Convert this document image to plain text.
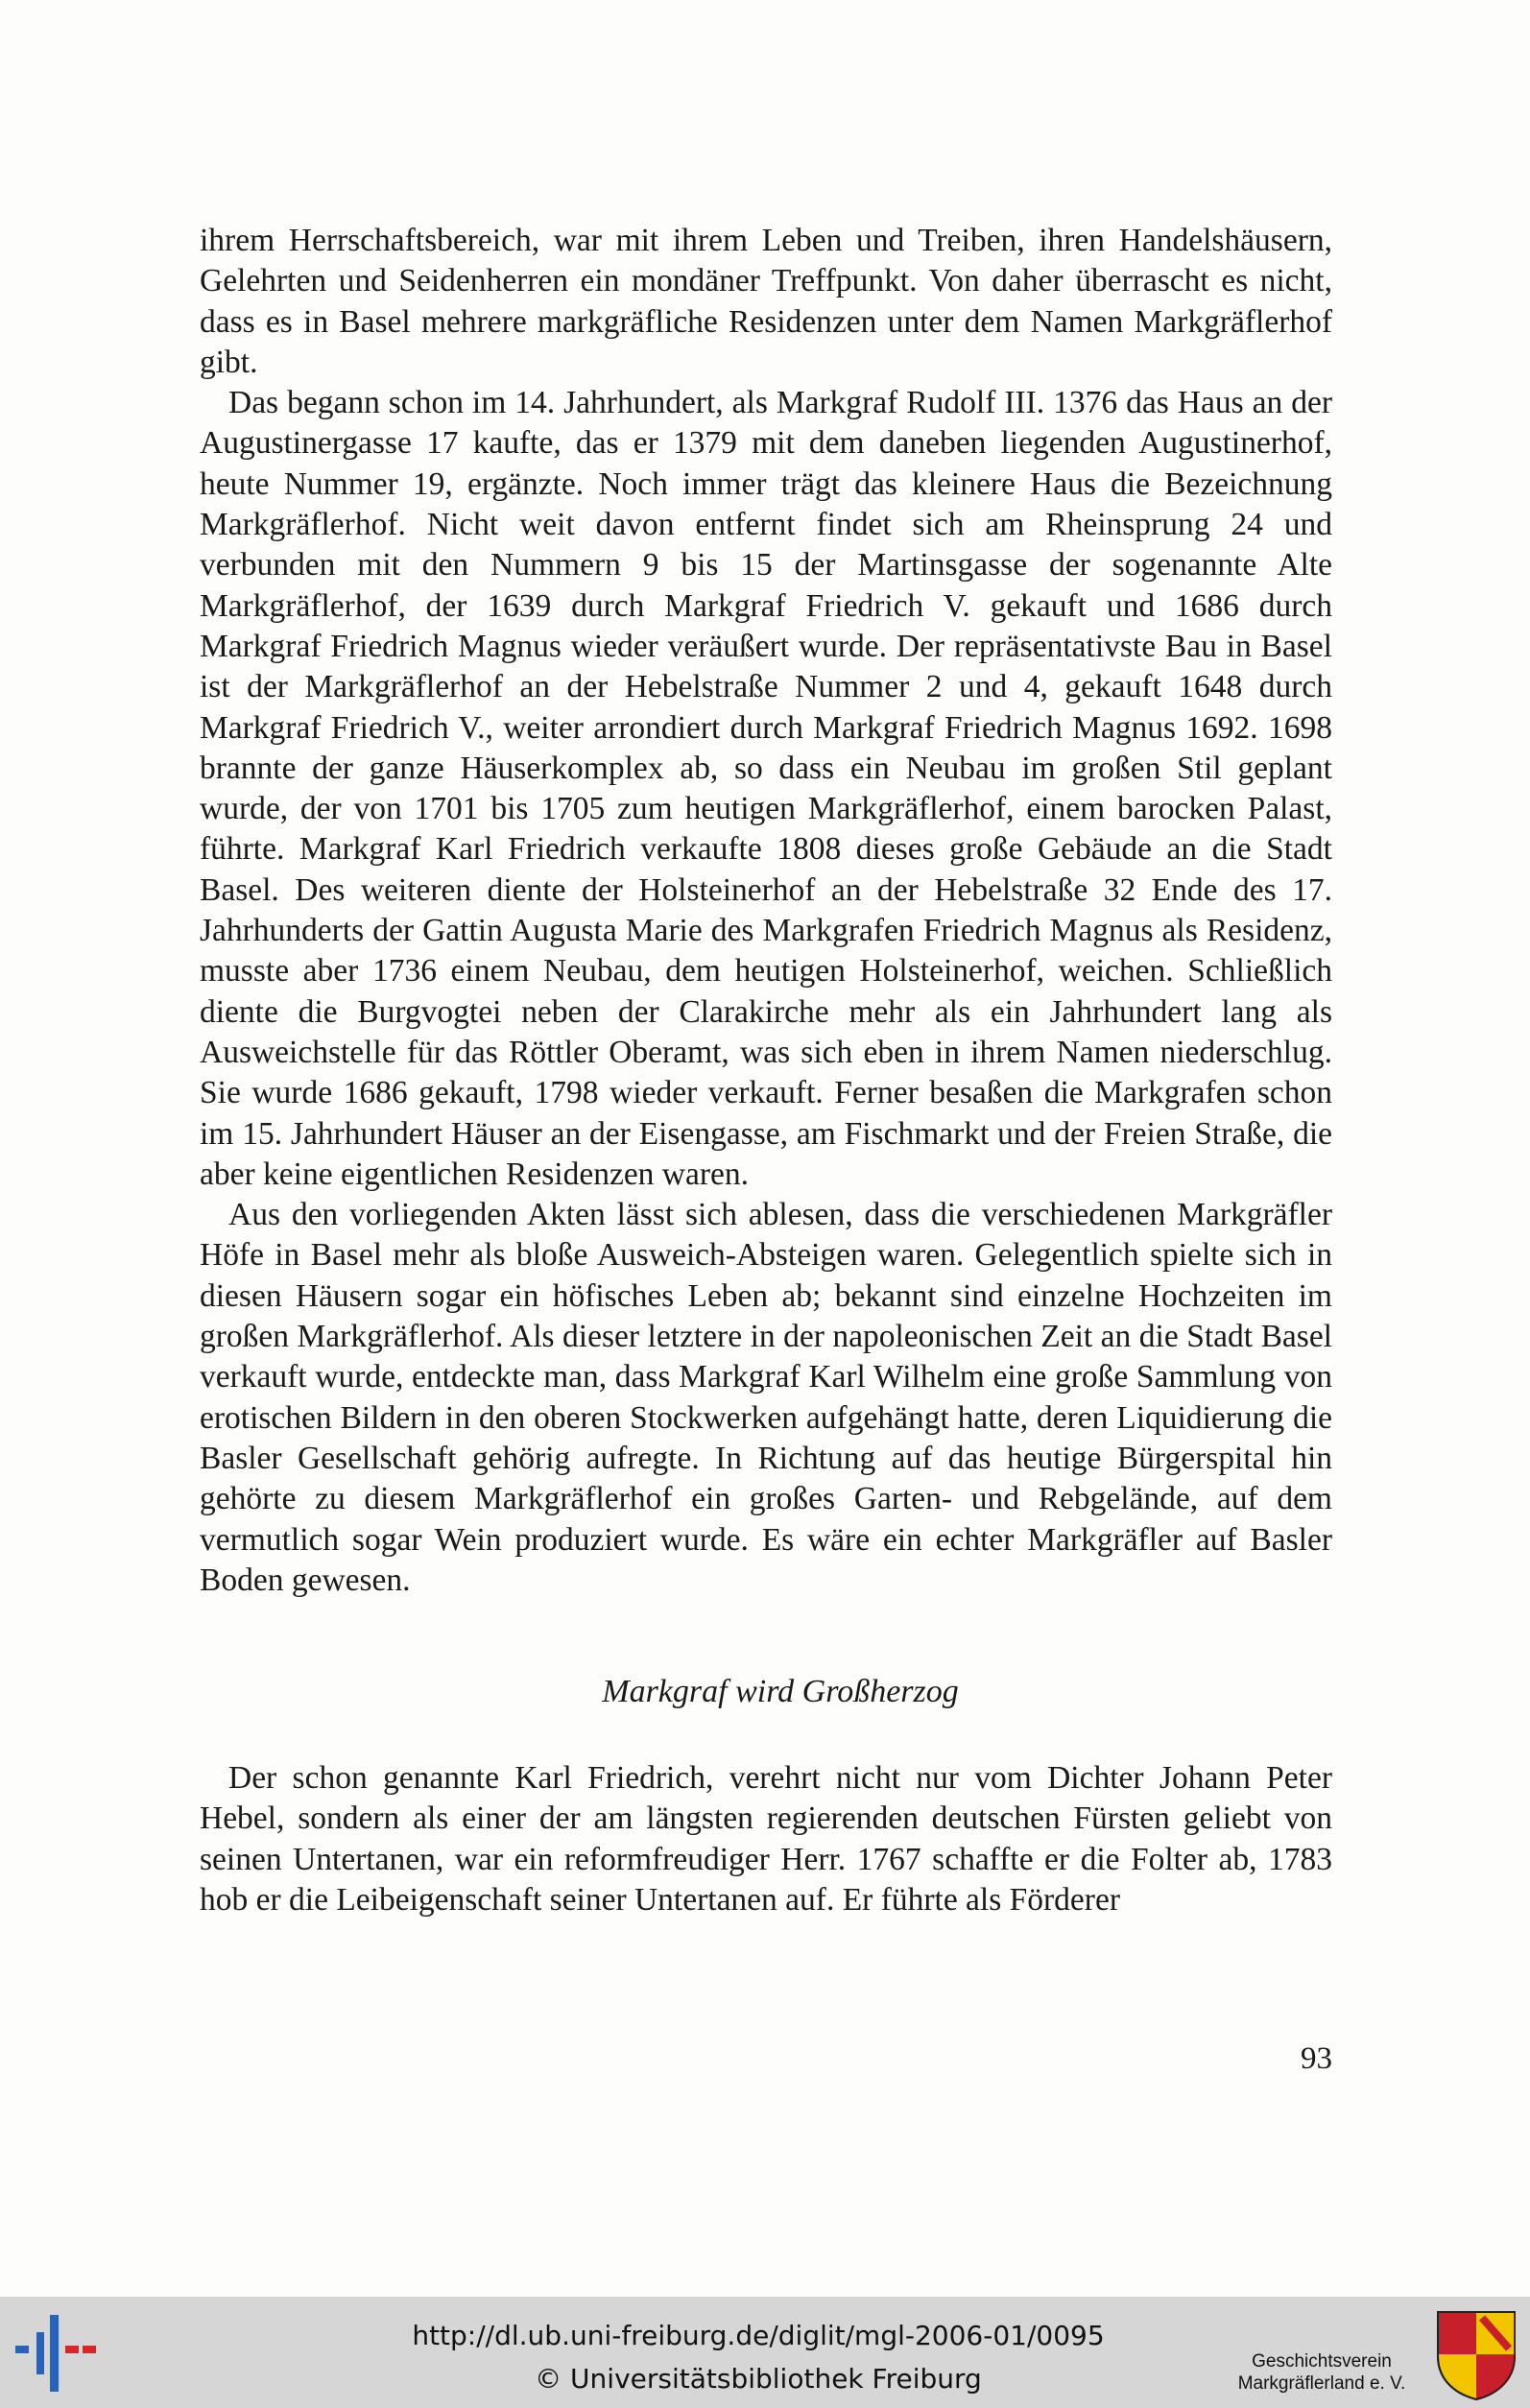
ihrem Herrschaftsbereich, war mit ihrem Leben und Treiben, ihren Handelshäusern, Gelehrten und Seidenherren ein mondäner Treffpunkt. Von daher überrascht es nicht, dass es in Basel mehrere markgräfliche Residenzen unter dem Namen Markgräflerhof gibt.

Das begann schon im 14. Jahrhundert, als Markgraf Rudolf III. 1376 das Haus an der Augustinergasse 17 kaufte, das er 1379 mit dem daneben liegenden Augustinerhof, heute Nummer 19, ergänzte. Noch immer trägt das kleinere Haus die Bezeichnung Markgräflerhof. Nicht weit davon entfernt findet sich am Rheinsprung 24 und verbunden mit den Nummern 9 bis 15 der Martinsgasse der sogenannte Alte Markgräflerhof, der 1639 durch Markgraf Friedrich V. gekauft und 1686 durch Markgraf Friedrich Magnus wieder veräußert wurde. Der repräsentativste Bau in Basel ist der Markgräflerhof an der Hebelstraße Nummer 2 und 4, gekauft 1648 durch Markgraf Friedrich V., weiter arrondiert durch Markgraf Friedrich Magnus 1692. 1698 brannte der ganze Häuserkomplex ab, so dass ein Neubau im großen Stil geplant wurde, der von 1701 bis 1705 zum heutigen Markgräflerhof, einem barocken Palast, führte. Markgraf Karl Friedrich verkaufte 1808 dieses große Gebäude an die Stadt Basel. Des weiteren diente der Holsteinerhof an der Hebelstraße 32 Ende des 17. Jahrhunderts der Gattin Augusta Marie des Markgrafen Friedrich Magnus als Residenz, musste aber 1736 einem Neubau, dem heutigen Holsteinerhof, weichen. Schließlich diente die Burgvogtei neben der Clarakirche mehr als ein Jahrhundert lang als Ausweichstelle für das Röttler Oberamt, was sich eben in ihrem Namen niederschlug. Sie wurde 1686 gekauft, 1798 wieder verkauft. Ferner besaßen die Markgrafen schon im 15. Jahrhundert Häuser an der Eisengasse, am Fischmarkt und der Freien Straße, die aber keine eigentlichen Residenzen waren.

Aus den vorliegenden Akten lässt sich ablesen, dass die verschiedenen Markgräfler Höfe in Basel mehr als bloße Ausweich-Absteigen waren. Gelegentlich spielte sich in diesen Häusern sogar ein höfisches Leben ab; bekannt sind einzelne Hochzeiten im großen Markgräflerhof. Als dieser letztere in der napoleonischen Zeit an die Stadt Basel verkauft wurde, entdeckte man, dass Markgraf Karl Wilhelm eine große Sammlung von erotischen Bildern in den oberen Stockwerken aufgehängt hatte, deren Liquidierung die Basler Gesellschaft gehörig aufregte. In Richtung auf das heutige Bürgerspital hin gehörte zu diesem Markgräflerhof ein großes Garten- und Rebgelände, auf dem vermutlich sogar Wein produziert wurde. Es wäre ein echter Markgräfler auf Basler Boden gewesen.

Markgraf wird Großherzog

Der schon genannte Karl Friedrich, verehrt nicht nur vom Dichter Johann Peter Hebel, sondern als einer der am längsten regierenden deutschen Fürsten geliebt von seinen Untertanen, war ein reformfreudiger Herr. 1767 schaffte er die Folter ab, 1783 hob er die Leibeigenschaft seiner Untertanen auf. Er führte als Förderer

93
http://dl.ub.uni-freiburg.de/diglit/mgl-2006-01/0095
© Universitätsbibliothek Freiburg
Geschichtsverein
Markgräflerland e. V.
